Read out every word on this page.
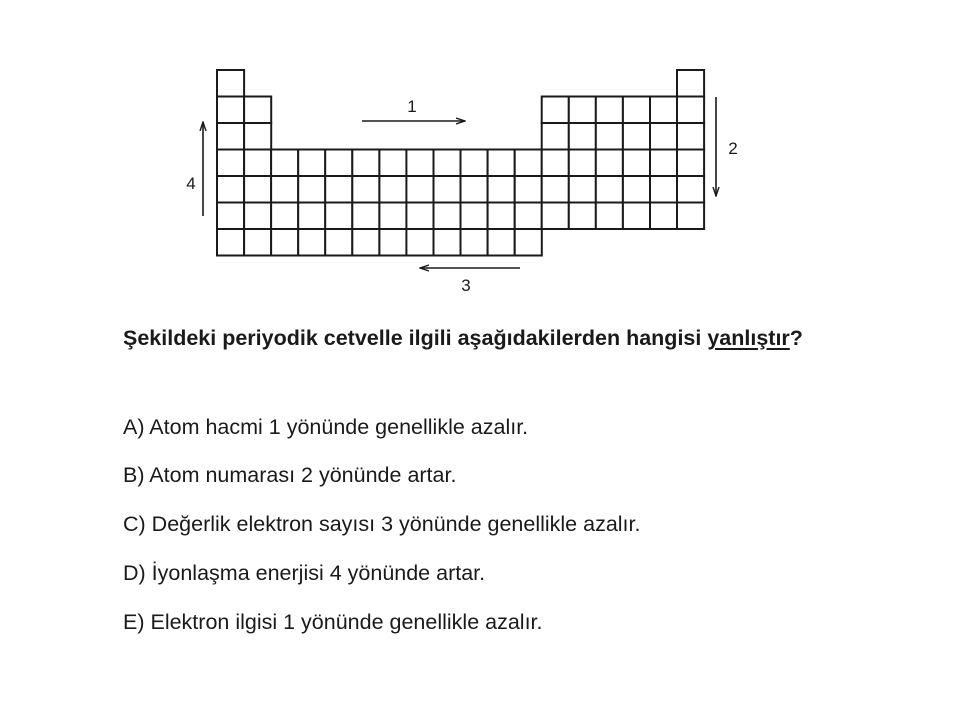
1
2
3
4
Şekildeki periyodik cetvelle ilgili aşağıdakilerden hangisi yanlıştır?
A) Atom hacmi 1 yönünde genellikle azalır.
B) Atom numarası 2 yönünde artar.
C) Değerlik elektron sayısı 3 yönünde genellikle azalır.
D) İyonlaşma enerjisi 4 yönünde artar.
E) Elektron ilgisi 1 yönünde genellikle azalır.
